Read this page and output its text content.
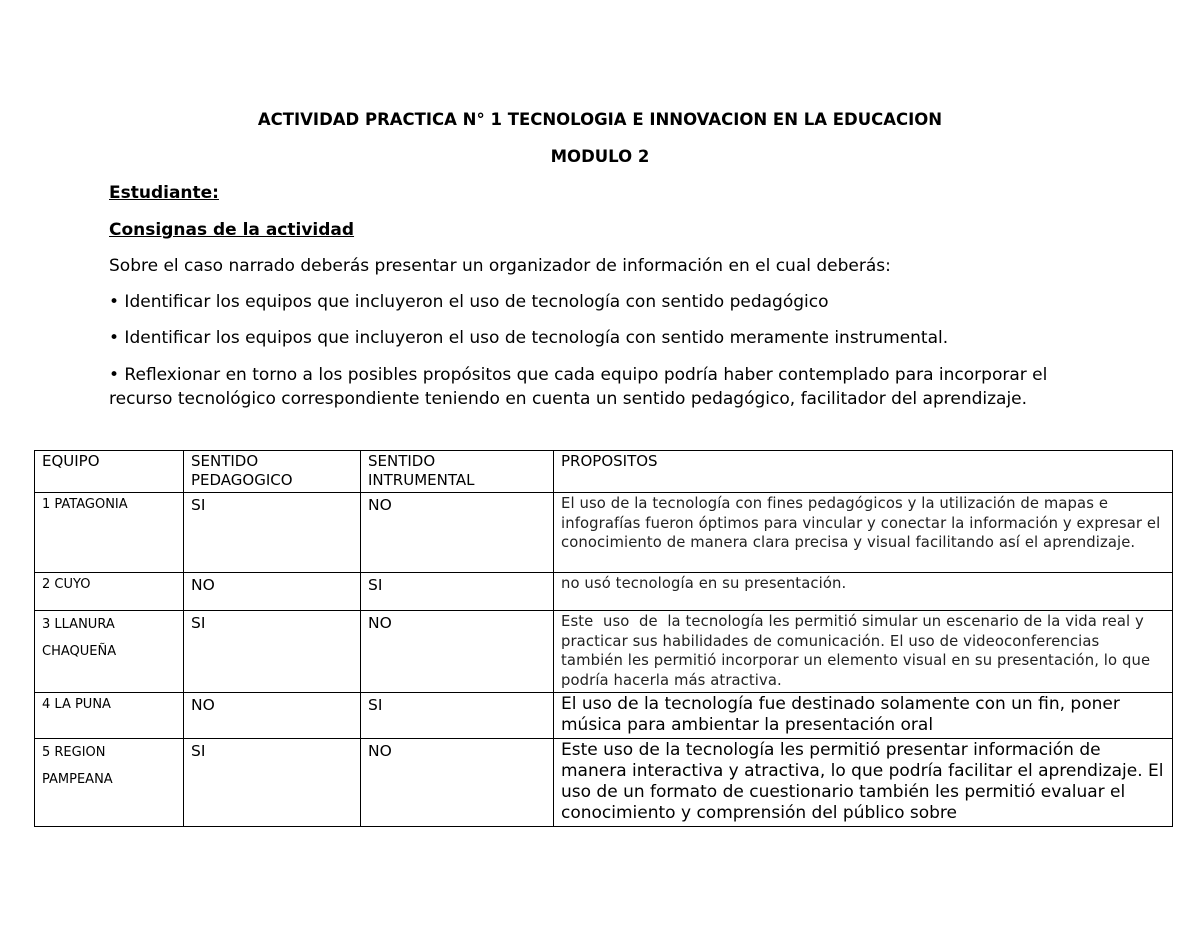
ACTIVIDAD PRACTICA N° 1 TECNOLOGIA E INNOVACION EN LA EDUCACION
MODULO 2
Estudiante:
Consignas de la actividad
Sobre el caso narrado deberás presentar un organizador de información en el cual deberás:
• Identificar los equipos que incluyeron el uso de tecnología con sentido pedagógico
• Identificar los equipos que incluyeron el uso de tecnología con sentido meramente instrumental.
• Reflexionar en torno a los posibles propósitos que cada equipo podría haber contemplado para incorporar el recurso tecnológico correspondiente teniendo en cuenta un sentido pedagógico, facilitador del aprendizaje.
EQUIPO	SENTIDO PEDAGOGICO	SENTIDO INTRUMENTAL	PROPOSITOS
1 PATAGONIA	SI	NO	El uso de la tecnología con fines pedagógicos y la utilización de mapas e infografías fueron óptimos para vincular y conectar la información y expresar el conocimiento de manera clara precisa y visual facilitando así el aprendizaje.
2 CUYO	NO	SI	no usó tecnología en su presentación.
3 LLANURA CHAQUEÑA	SI	NO	Este  uso  de  la tecnología les permitió simular un escenario de la vida real y practicar sus habilidades de comunicación. El uso de videoconferencias también les permitió incorporar un elemento visual en su presentación, lo que podría hacerla más atractiva.
4 LA PUNA	NO	SI	El uso de la tecnología fue destinado solamente con un fin, poner música para ambientar la presentación oral
5 REGION PAMPEANA	SI	NO	Este uso de la tecnología les permitió presentar información de manera interactiva y atractiva, lo que podría facilitar el aprendizaje. El uso de un formato de cuestionario también les permitió evaluar el conocimiento y comprensión del público sobre
